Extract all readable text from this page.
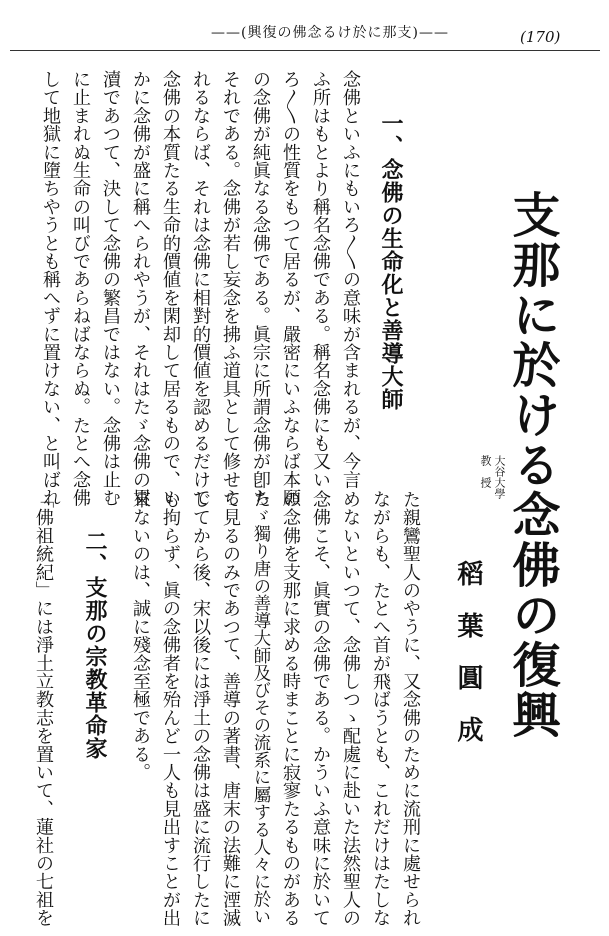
——(興復の佛念るけ於に那支)——	(170)
支那に於ける念佛の復興
大谷大學
教　授
稻葉圓成
一、念佛の生命化と善導大師
念佛といふにもいろ〳〵の意味が含まれるが、今言
ふ所はもとより稱名念佛である。稱名念佛にも又い
ろ〳〵の性質をもつて居るが、嚴密にいふならば本願
の念佛が純眞なる念佛である。眞宗に所謂念佛が卽ち
それである。念佛が若し妄念を拂ふ道具として修せら
れるならば、それは念佛に相對的價値を認めるだけで
念佛の本質たる生命的價値を閑却して居るもので、い
かに念佛が盛に稱へられやうが、それはたゞ念佛の冒
瀆であつて、決して念佛の繁昌ではない。念佛は止む
に止まれぬ生命の叫びであらねばならぬ。たとへ念佛
して地獄に墮ちやうとも稱へずに置けない、と叫ばれ
た親鸞聖人のやうに、又念佛のために流刑に處せられ
ながらも、たとへ首が飛ばうとも、これだけはたしな
めないといつて、念佛しつゝ配處に赴いた法然聖人の
念佛こそ、眞實の念佛である。かういふ意味に於いて
の念佛を支那に求める時まことに寂寥たるものがある
たゞ獨り唐の善導大師及びその流系に屬する人々に於い
て見るのみであつて、善導の著書、唐末の法難に湮滅
してから後、宋以後には淨土の念佛は盛に流行したに
も拘らず、眞の念佛者を殆んど一人も見出すことが出
來ないのは、誠に殘念至極である。
二、支那の宗教革命家
「佛祖統紀」には淨土立教志を置いて、蓮社の七祖を
